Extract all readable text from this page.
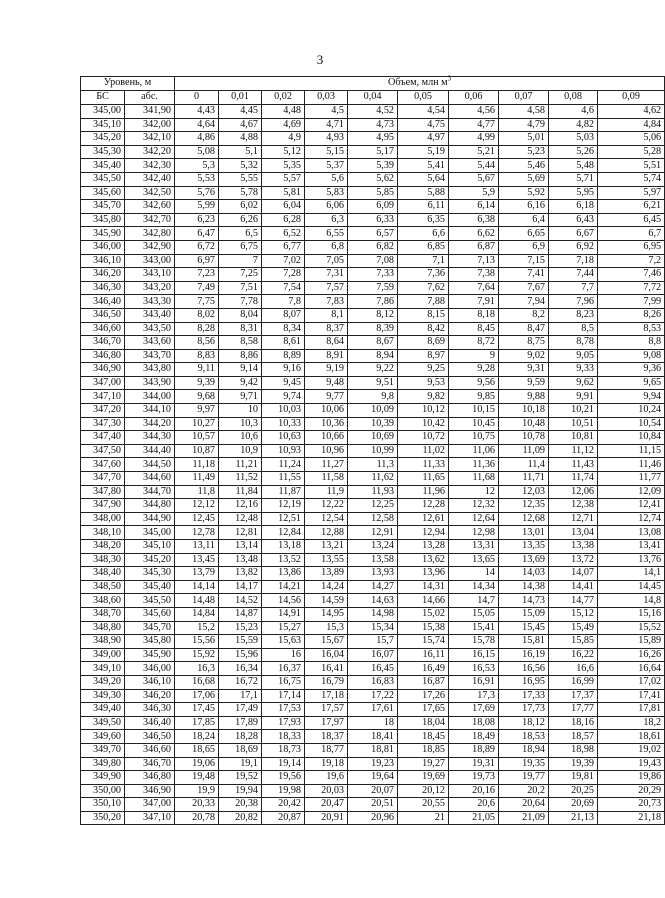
3
Уровень, м		Объем, млн $м^3$
БС	абс.	0	0,01	0,02	0,03	0,04	0,05	0,06	0,07	0,08	0,09
345,00	341,90	4,43	4,45	4,48	4,5	4,52	4,54	4,56	4,58	4,6	4,62
345,10	342,00	4,64	4,67	4,69	4,71	4,73	4,75	4,77	4,79	4,82	4,84
345,20	342,10	4,86	4,88	4,9	4,93	4,95	4,97	4,99	5,01	5,03	5,06
345,30	342,20	5,08	5,1	5,12	5,15	5,17	5,19	5,21	5,23	5,26	5,28
345,40	342,30	5,3	5,32	5,35	5,37	5,39	5,41	5,44	5,46	5,48	5,51
345,50	342,40	5,53	5,55	5,57	5,6	5,62	5,64	5,67	5,69	5,71	5,74
345,60	342,50	5,76	5,78	5,81	5,83	5,85	5,88	5,9	5,92	5,95	5,97
345,70	342,60	5,99	6,02	6,04	6,06	6,09	6,11	6,14	6,16	6,18	6,21
345,80	342,70	6,23	6,26	6,28	6,3	6,33	6,35	6,38	6,4	6,43	6,45
345,90	342,80	6,47	6,5	6,52	6,55	6,57	6,6	6,62	6,65	6,67	6,7
346,00	342,90	6,72	6,75	6,77	6,8	6,82	6,85	6,87	6,9	6,92	6,95
346,10	343,00	6,97	7	7,02	7,05	7,08	7,1	7,13	7,15	7,18	7,2
346,20	343,10	7,23	7,25	7,28	7,31	7,33	7,36	7,38	7,41	7,44	7,46
346,30	343,20	7,49	7,51	7,54	7,57	7,59	7,62	7,64	7,67	7,7	7,72
346,40	343,30	7,75	7,78	7,8	7,83	7,86	7,88	7,91	7,94	7,96	7,99
346,50	343,40	8,02	8,04	8,07	8,1	8,12	8,15	8,18	8,2	8,23	8,26
346,60	343,50	8,28	8,31	8,34	8,37	8,39	8,42	8,45	8,47	8,5	8,53
346,70	343,60	8,56	8,58	8,61	8,64	8,67	8,69	8,72	8,75	8,78	8,8
346,80	343,70	8,83	8,86	8,89	8,91	8,94	8,97	9	9,02	9,05	9,08
346,90	343,80	9,11	9,14	9,16	9,19	9,22	9,25	9,28	9,31	9,33	9,36
347,00	343,90	9,39	9,42	9,45	9,48	9,51	9,53	9,56	9,59	9,62	9,65
347,10	344,00	9,68	9,71	9,74	9,77	9,8	9,82	9,85	9,88	9,91	9,94
347,20	344,10	9,97	10	10,03	10,06	10,09	10,12	10,15	10,18	10,21	10,24
347,30	344,20	10,27	10,3	10,33	10,36	10,39	10,42	10,45	10,48	10,51	10,54
347,40	344,30	10,57	10,6	10,63	10,66	10,69	10,72	10,75	10,78	10,81	10,84
347,50	344,40	10,87	10,9	10,93	10,96	10,99	11,02	11,06	11,09	11,12	11,15
347,60	344,50	11,18	11,21	11,24	11,27	11,3	11,33	11,36	11,4	11,43	11,46
347,70	344,60	11,49	11,52	11,55	11,58	11,62	11,65	11,68	11,71	11,74	11,77
347,80	344,70	11,8	11,84	11,87	11,9	11,93	11,96	12	12,03	12,06	12,09
347,90	344,80	12,12	12,16	12,19	12,22	12,25	12,28	12,32	12,35	12,38	12,41
348,00	344,90	12,45	12,48	12,51	12,54	12,58	12,61	12,64	12,68	12,71	12,74
348,10	345,00	12,78	12,81	12,84	12,88	12,91	12,94	12,98	13,01	13,04	13,08
348,20	345,10	13,11	13,14	13,18	13,21	13,24	13,28	13,31	13,35	13,38	13,41
348,30	345,20	13,45	13,48	13,52	13,55	13,58	13,62	13,65	13,69	13,72	13,76
348,40	345,30	13,79	13,82	13,86	13,89	13,93	13,96	14	14,03	14,07	14,1
348,50	345,40	14,14	14,17	14,21	14,24	14,27	14,31	14,34	14,38	14,41	14,45
348,60	345,50	14,48	14,52	14,56	14,59	14,63	14,66	14,7	14,73	14,77	14,8
348,70	345,60	14,84	14,87	14,91	14,95	14,98	15,02	15,05	15,09	15,12	15,16
348,80	345,70	15,2	15,23	15,27	15,3	15,34	15,38	15,41	15,45	15,49	15,52
348,90	345,80	15,56	15,59	15,63	15,67	15,7	15,74	15,78	15,81	15,85	15,89
349,00	345,90	15,92	15,96	16	16,04	16,07	16,11	16,15	16,19	16,22	16,26
349,10	346,00	16,3	16,34	16,37	16,41	16,45	16,49	16,53	16,56	16,6	16,64
349,20	346,10	16,68	16,72	16,75	16,79	16,83	16,87	16,91	16,95	16,99	17,02
349,30	346,20	17,06	17,1	17,14	17,18	17,22	17,26	17,3	17,33	17,37	17,41
349,40	346,30	17,45	17,49	17,53	17,57	17,61	17,65	17,69	17,73	17,77	17,81
349,50	346,40	17,85	17,89	17,93	17,97	18	18,04	18,08	18,12	18,16	18,2
349,60	346,50	18,24	18,28	18,33	18,37	18,41	18,45	18,49	18,53	18,57	18,61
349,70	346,60	18,65	18,69	18,73	18,77	18,81	18,85	18,89	18,94	18,98	19,02
349,80	346,70	19,06	19,1	19,14	19,18	19,23	19,27	19,31	19,35	19,39	19,43
349,90	346,80	19,48	19,52	19,56	19,6	19,64	19,69	19,73	19,77	19,81	19,86
350,00	346,90	19,9	19,94	19,98	20,03	20,07	20,12	20,16	20,2	20,25	20,29
350,10	347,00	20,33	20,38	20,42	20,47	20,51	20,55	20,6	20,64	20,69	20,73
350,20	347,10	20,78	20,82	20,87	20,91	20,96	21	21,05	21,09	21,13	21,18
